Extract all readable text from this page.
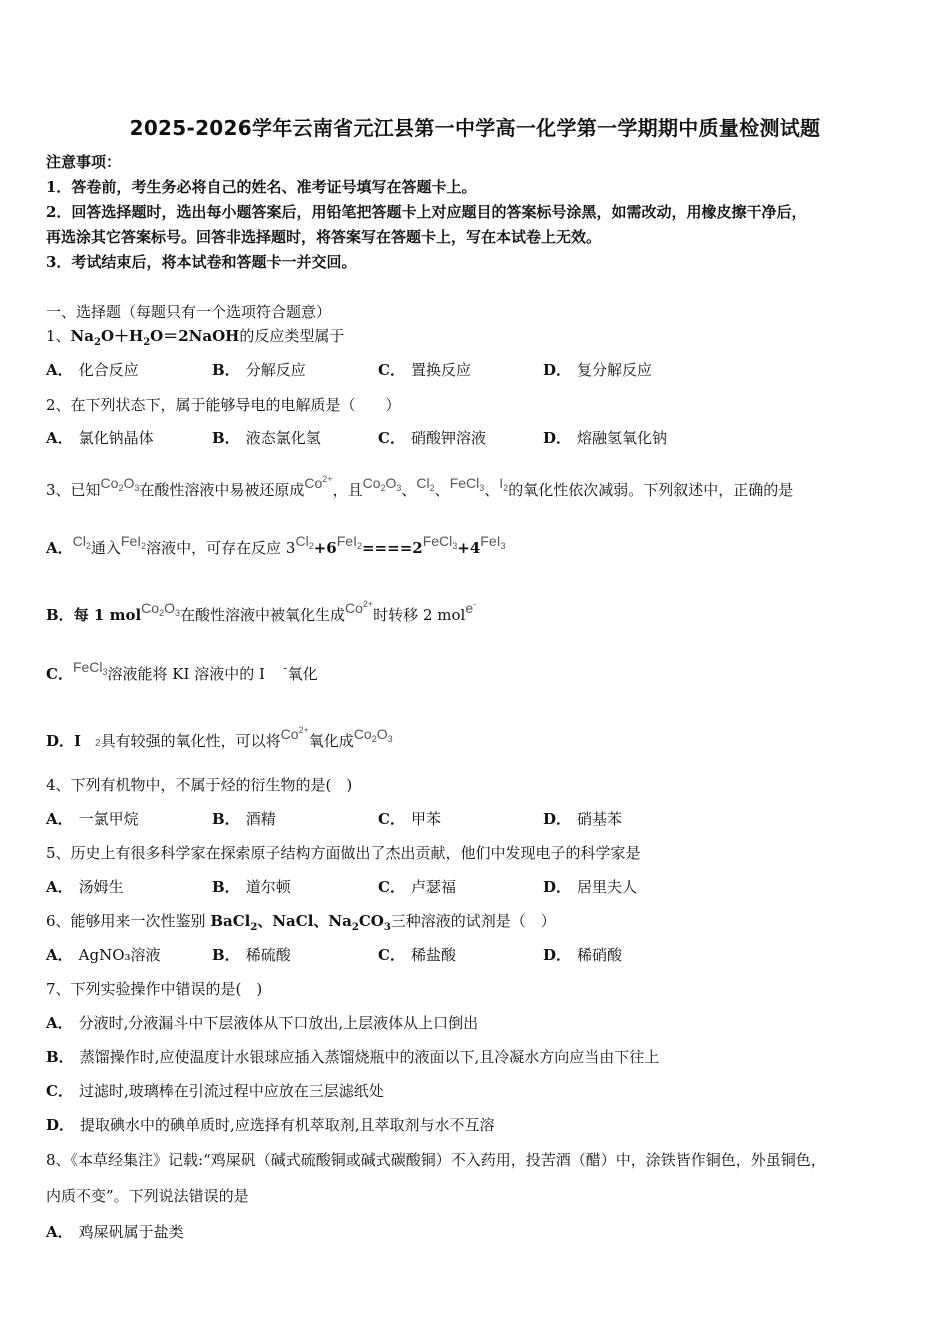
2025-2026学年云南省元江县第一中学高一化学第一学期期中质量检测试题
注意事项：
1．答卷前，考生务必将自己的姓名、准考证号填写在答题卡上。
2．回答选择题时，选出每小题答案后，用铅笔把答题卡上对应题目的答案标号涂黑，如需改动，用橡皮擦干净后，
再选涂其它答案标号。回答非选择题时，将答案写在答题卡上，写在本试卷上无效。
3．考试结束后，将本试卷和答题卡一并交回。
一、选择题（每题只有一个选项符合题意）
1、$Na_2O+H_2O=2NaOH$的反应类型属于
A． 化合反应	B． 分解反应	C． 置换反应	D． 复分解反应
2、在下列状态下，属于能够导电的电解质是（　　）
A． 氯化钠晶体	B． 液态氯化氢	C． 硝酸钾溶液	D． 熔融氢氧化钠
3、已知$Co_2O_3$在酸性溶液中易被还原成$Co^{2+}$，且$Co_2O_3$、$Cl_2$、FeCl$_3$、$I_2$的氧化性依次减弱。下列叙述中，正确的是
A．$Cl_2$通入FeI$_2$溶液中，可存在反应 $3Cl_2+6FeI_2====2FeCl_3+4FeI_3$
B．每 1 $molCo_2O_3$在酸性溶液中被氧化生成$Co^{2+}$时转移 2 mole-
C．FeCl$_3$溶液能将 KI 溶液中的 I -氧化
D．I 2具有较强的氧化性，可以将$Co^{2+}$氧化成$Co_2O_3$
4、下列有机物中，不属于烃的衍生物的是(　)
A． 一氯甲烷	B． 酒精	C． 甲苯	D． 硝基苯
5、历史上有很多科学家在探索原子结构方面做出了杰出贡献，他们中发现电子的科学家是
A． 汤姆生	B． 道尔顿	C． 卢瑟福	D． 居里夫人
6、能够用来一次性鉴别 BaCl$_2$、NaCl、$Na_2CO_3$三种溶液的试剂是（　）
A． AgNO₃溶液	B． 稀硫酸	C． 稀盐酸	D． 稀硝酸
7、下列实验操作中错误的是(　)
A． 分液时,分液漏斗中下层液体从下口放出,上层液体从上口倒出
B． 蒸馏操作时,应使温度计水银球应插入蒸馏烧瓶中的液面以下,且冷凝水方向应当由下往上
C． 过滤时,玻璃棒在引流过程中应放在三层滤纸处
D． 提取碘水中的碘单质时,应选择有机萃取剂,且萃取剂与水不互溶
8、《本草经集注》记载:“鸡屎矾（碱式硫酸铜或碱式碳酸铜）不入药用，投苦酒（醋）中，涂铁皆作铜色，外虽铜色，
内质不变”。下列说法错误的是
A． 鸡屎矾属于盐类
